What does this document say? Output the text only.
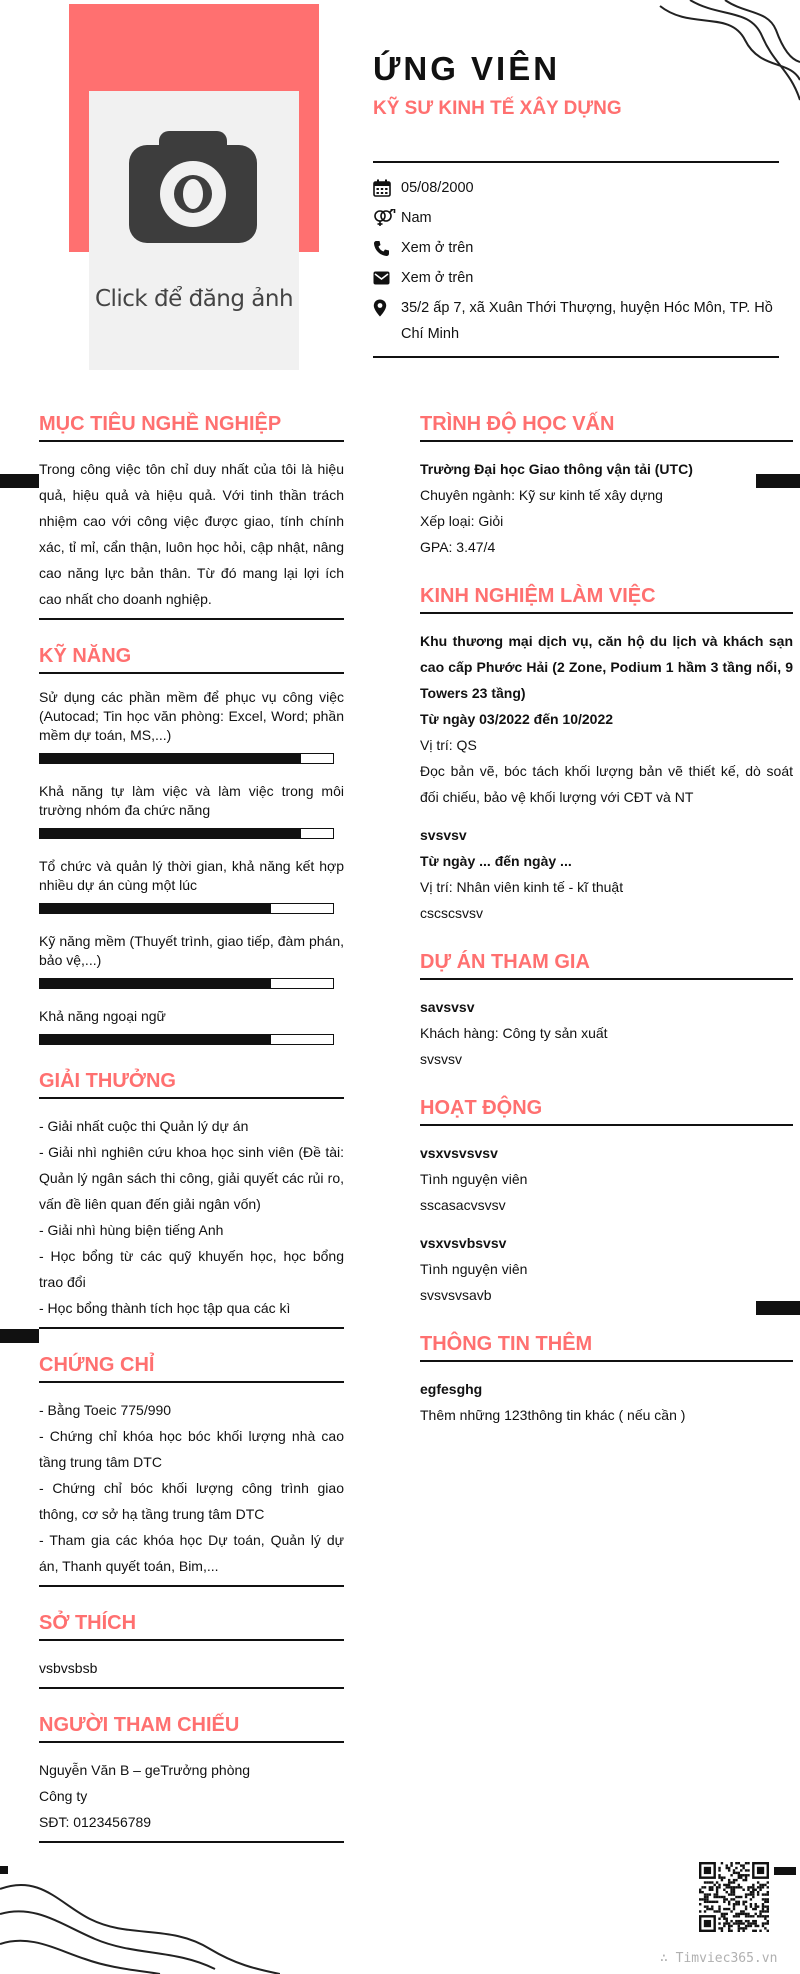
Click để đăng ảnh
ỨNG VIÊN
KỸ SƯ KINH TẾ XÂY DỰNG
05/08/2000
Nam
Xem ở trên
Xem ở trên
35/2 ấp 7, xã Xuân Thới Thượng, huyện Hóc Môn, TP. Hồ Chí Minh
MỤC TIÊU NGHỀ NGHIỆP
Trong công việc tôn chỉ duy nhất của tôi là hiệu quả, hiệu quả và hiệu quả. Với tinh thần trách nhiệm cao với công việc được giao, tính chính xác, tỉ mỉ, cẩn thận, luôn học hỏi, cập nhật, nâng cao năng lực bản thân. Từ đó mang lại lợi ích cao nhất cho doanh nghiệp.
KỸ NĂNG
Sử dụng các phần mềm để phục vụ công việc (Autocad; Tin học văn phòng: Excel, Word; phần mềm dự toán, MS,...)
Khả năng tự làm việc và làm việc trong môi trường nhóm đa chức năng
Tổ chức và quản lý thời gian, khả năng kết hợp nhiều dự án cùng một lúc
Kỹ năng mềm (Thuyết trình, giao tiếp, đàm phán, bảo vệ,...)
Khả năng ngoại ngữ
GIẢI THƯỞNG
- Giải nhất cuộc thi Quản lý dự án
- Giải nhì nghiên cứu khoa học sinh viên (Đề tài: Quản lý ngân sách thi công, giải quyết các rủi ro, vấn đề liên quan đến giải ngân vốn)
- Giải nhì hùng biện tiếng Anh
- Học bổng từ các quỹ khuyến học, học bổng trao đổi
- Học bổng thành tích học tập qua các kì
CHỨNG CHỈ
- Bằng Toeic 775/990
- Chứng chỉ khóa học bóc khối lượng nhà cao tầng trung tâm DTC
- Chứng chỉ bóc khối lượng công trình giao thông, cơ sở hạ tầng trung tâm DTC
- Tham gia các khóa học Dự toán, Quản lý dự án, Thanh quyết toán, Bim,...
SỞ THÍCH
vsbvsbsb
NGƯỜI THAM CHIẾU
Nguyễn Văn B – geTrưởng phòng
Công ty
SĐT: 0123456789
TRÌNH ĐỘ HỌC VẤN
Trường Đại học Giao thông vận tải (UTC)
Chuyên ngành: Kỹ sư kinh tế xây dựng
Xếp loại: Giỏi
GPA: 3.47/4
KINH NGHIỆM LÀM VIỆC
Khu thương mại dịch vụ, căn hộ du lịch và khách sạn cao cấp Phước Hải (2 Zone, Podium 1 hầm 3 tầng nổi, 9 Towers 23 tầng)
Từ ngày 03/2022 đến 10/2022
Vị trí: QS
Đọc bản vẽ, bóc tách khối lượng bản vẽ thiết kế, dò soát đối chiếu, bảo vệ khối lượng với CĐT và NT
svsvsv
Từ ngày ... đến ngày ...
Vị trí: Nhân viên kinh tế - kĩ thuật
cscscsvsv
DỰ ÁN THAM GIA
savsvsv
Khách hàng: Công ty sản xuất
svsvsv
HOẠT ĐỘNG
vsxvsvsvsv
Tình nguyện viên
sscasacvsvsv
vsxvsvbsvsv
Tình nguyện viên
svsvsvsavb
THÔNG TIN THÊM
egfesghg
Thêm những 123thông tin khác ( nếu cần )
∴ Timviec365.vn
